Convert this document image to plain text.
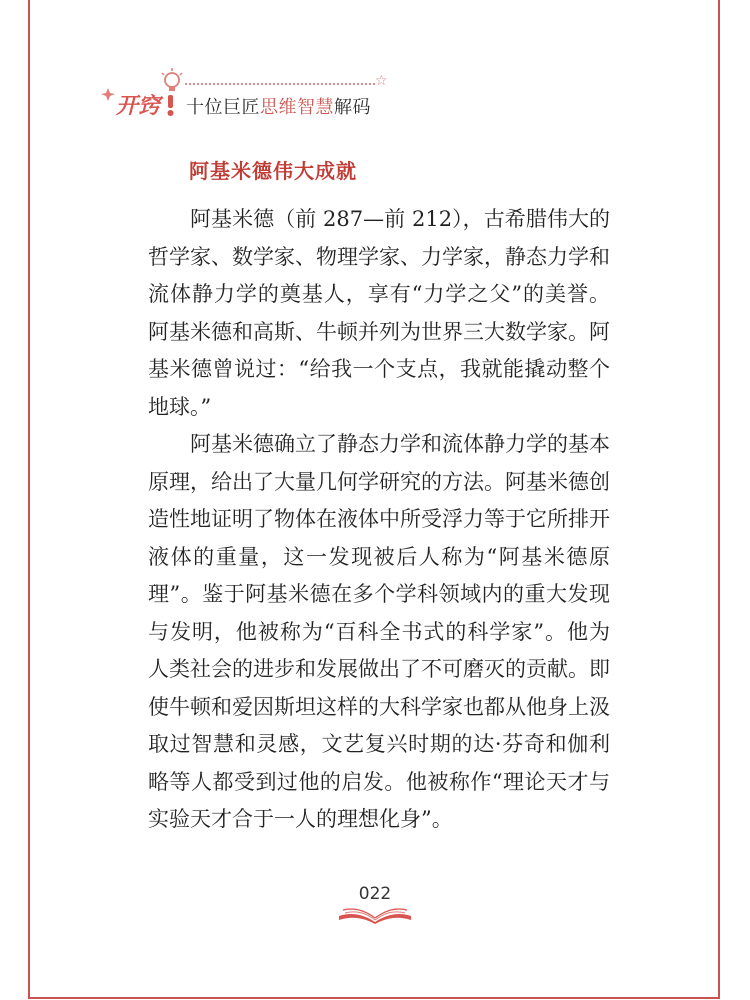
开窍
☆
十位巨匠思维智慧解码
阿基米德伟大成就

阿基米德（前 287—前 212），古希腊伟大的哲学家、数学家、物理学家、力学家，静态力学和流体静力学的奠基人，享有“力学之父”的美誉。阿基米德和高斯、牛顿并列为世界三大数学家。阿基米德曾说过：“给我一个支点，我就能撬动整个地球。”

阿基米德确立了静态力学和流体静力学的基本原理，给出了大量几何学研究的方法。阿基米德创造性地证明了物体在液体中所受浮力等于它所排开液体的重量，这一发现被后人称为“阿基米德原理”。鉴于阿基米德在多个学科领域内的重大发现与发明，他被称为“百科全书式的科学家”。他为人类社会的进步和发展做出了不可磨灭的贡献。即使牛顿和爱因斯坦这样的大科学家也都从他身上汲取过智慧和灵感，文艺复兴时期的达·芬奇和伽利略等人都受到过他的启发。他被称作“理论天才与实验天才合于一人的理想化身”。

022
